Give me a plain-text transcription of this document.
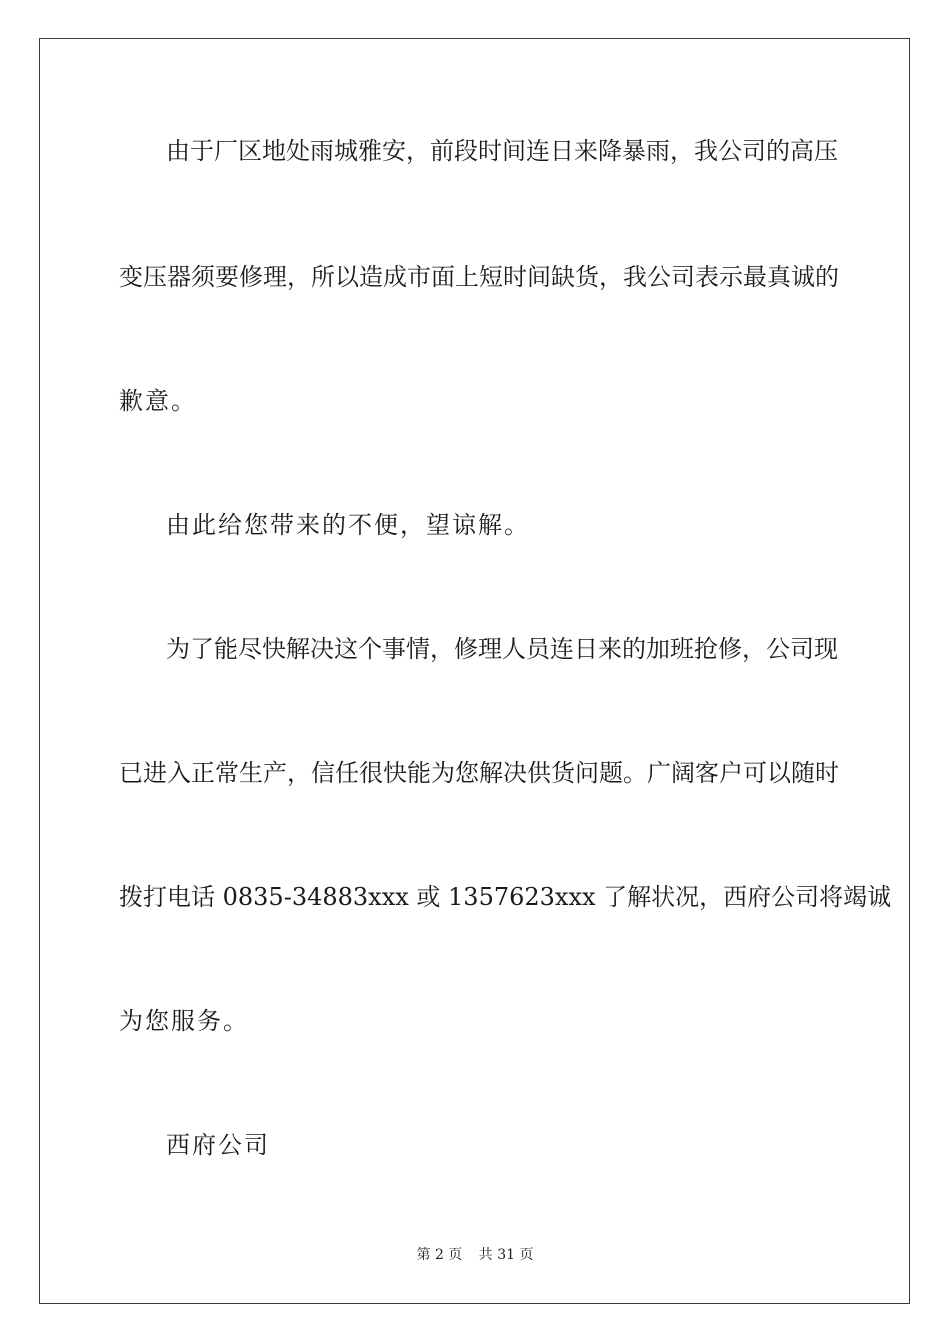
由于厂区地处雨城雅安，前段时间连日来降暴雨，我公司的高压
变压器须要修理，所以造成市面上短时间缺货，我公司表示最真诚的
歉意。
由此给您带来的不便，望谅解。
为了能尽快解决这个事情，修理人员连日来的加班抢修，公司现
已进入正常生产，信任很快能为您解决供货问题。广阔客户可以随时
拨打电话 0835-34883xxx 或 1357623xxx 了解状况，西府公司将竭诚
为您服务。
西府公司
第 2 页 共 31 页
